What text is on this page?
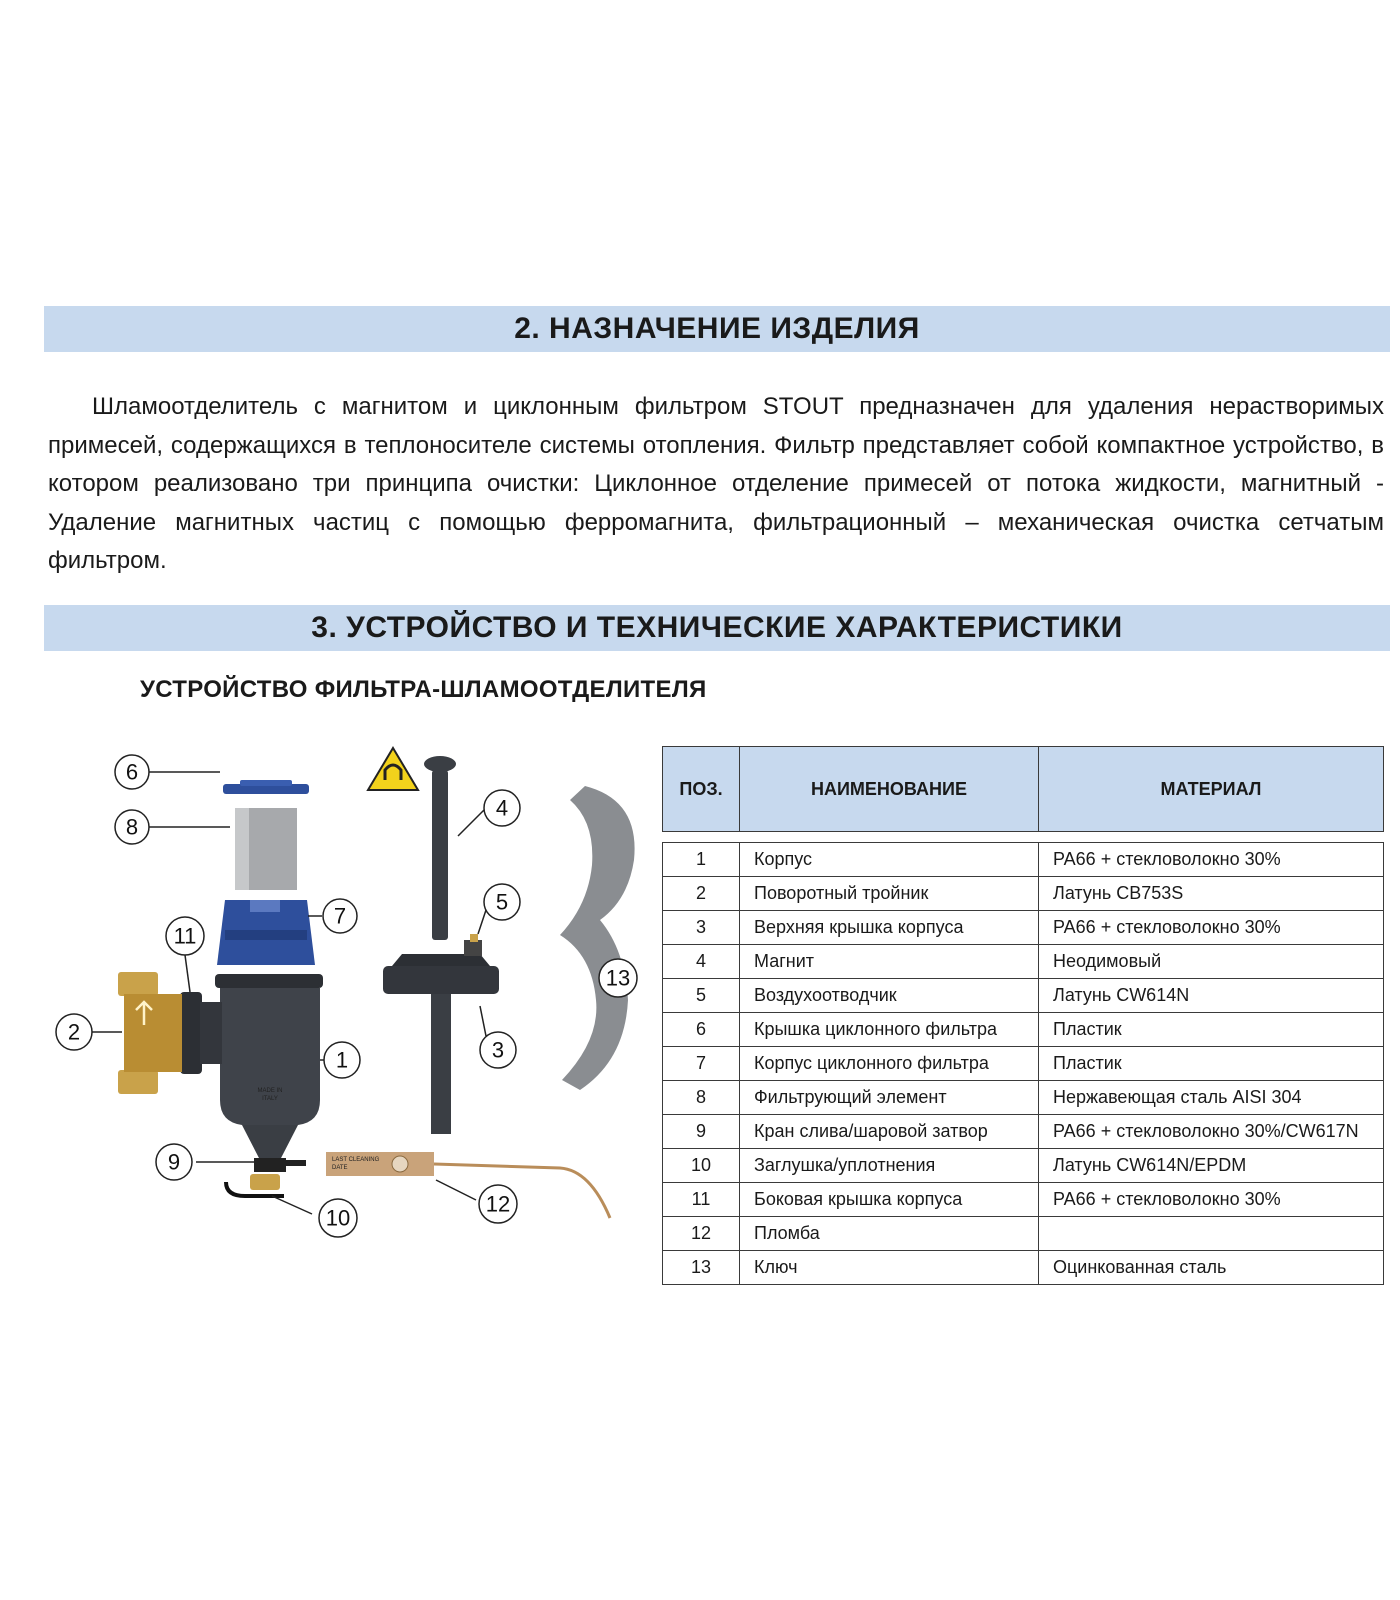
2. НАЗНАЧЕНИЕ ИЗДЕЛИЯ
Шламоотделитель с магнитом и циклонным фильтром STOUT предназначен для удаления нерастворимых примесей, содержащихся в теплоносителе системы отопления. Фильтр представляет собой компактное устройство, в котором реализовано три принципа очистки: Циклонное отделение примесей от потока жидкости, магнитный - Удаление магнитных частиц с помощью ферромагнита, фильтрационный – механическая очистка сетчатым фильтром.
3. УСТРОЙСТВО И ТЕХНИЧЕСКИЕ ХАРАКТЕРИСТИКИ
УСТРОЙСТВО ФИЛЬТРА-ШЛАМООТДЕЛИТЕЛЯ
MADE IN
ITALY
LAST CLEANING
DATE
6
8
7
11
2
1
4
5
3
13
9
10
12
ПОЗ.	НАИМЕНОВАНИЕ	МАТЕРИАЛ

1	Корпус	PA66 + стекловолокно 30%
2	Поворотный тройник	Латунь CB753S
3	Верхняя крышка корпуса	PA66 + стекловолокно 30%
4	Магнит	Неодимовый
5	Воздухоотводчик	Латунь CW614N
6	Крышка циклонного фильтра	Пластик
7	Корпус циклонного фильтра	Пластик
8	Фильтрующий элемент	Нержавеющая сталь AISI 304
9	Кран слива/шаровой затвор	PA66 + стекловолокно 30%/CW617N
10	Заглушка/уплотнения	Латунь CW614N/EPDM
11	Боковая крышка корпуса	PA66 + стекловолокно 30%
12	Пломба	
13	Ключ	Оцинкованная сталь
